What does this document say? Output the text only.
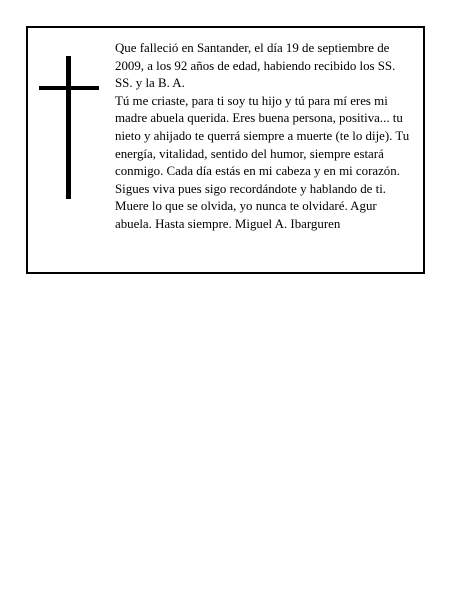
Que falleció en Santander, el día 19 de septiembre de 2009, a los 92 años de edad, habiendo recibido los SS. SS. y la B. A.

Tú me criaste, para ti soy tu hijo y tú para mí eres mi madre abuela querida. Eres buena persona, positiva... tu nieto y ahijado te querrá siempre a muerte (te lo dije). Tu energía, vitalidad, sentido del humor, siempre estará conmigo. Cada día estás en mi cabeza y en mi corazón. Sigues viva pues sigo recordándote y hablando de ti. Muere lo que se olvida, yo nunca te olvidaré. Agur abuela. Hasta siempre. Miguel A. Ibarguren
